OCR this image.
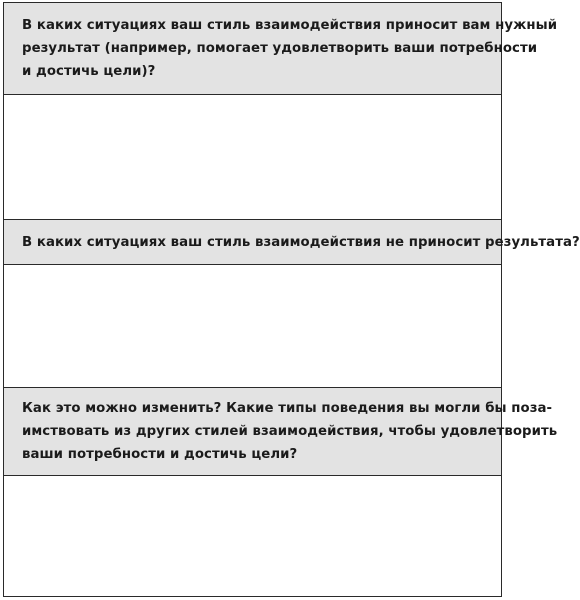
В каких ситуациях ваш стиль взаимодействия приносит вам нужный
результат (например, помогает удовлетворить ваши потребности
и достичь цели)?
В каких ситуациях ваш стиль взаимодействия не приносит результата?
Как это можно изменить? Какие типы поведения вы могли бы поза-
имствовать из других стилей взаимодействия, чтобы удовлетворить
ваши потребности и достичь цели?
